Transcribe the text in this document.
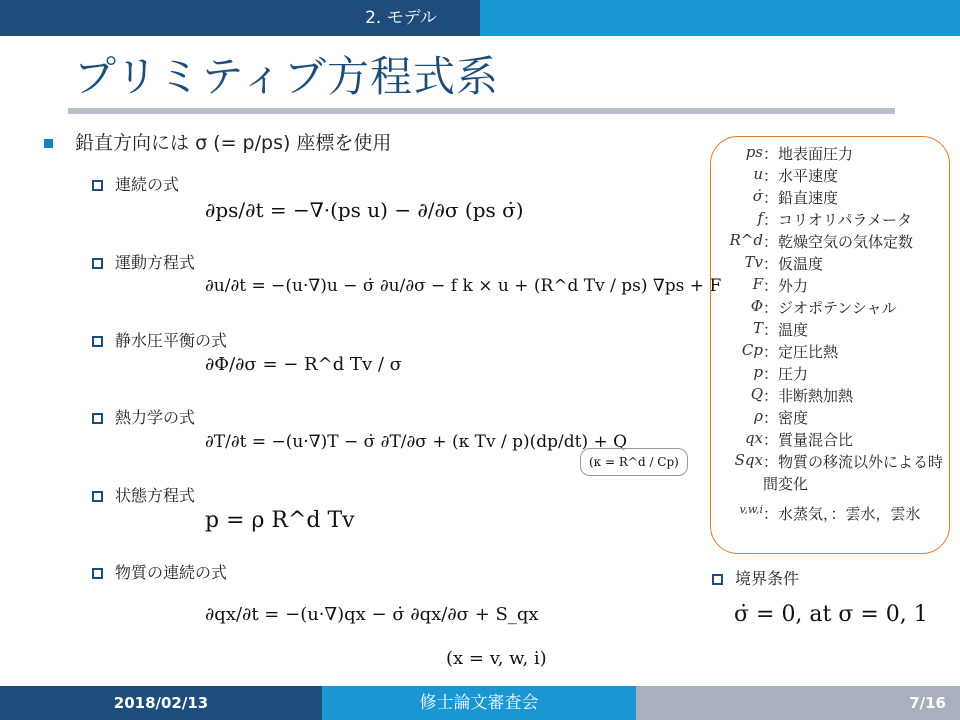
2. モデル
プリミティブ方程式系
鉛直方向には σ (= p/ps) 座標を使用
連続の式
運動方程式
静水圧平衡の式
熱力学の式
状態方程式
物質の連続の式
∂ps/∂t = −∇·(ps u) − ∂/∂σ (ps σ̇)
∂u/∂t = −(u·∇)u − σ̇ ∂u/∂σ − f k × u + (R^d Tv / ps) ∇ps + F
∂Φ/∂σ = − R^d Tv / σ
∂T/∂t = −(u·∇)T − σ̇ ∂T/∂σ + (κ Tv / p)(dp/dt) + Q
(κ = R^d / Cp)
p = ρ R^d Tv
∂qx/∂t = −(u·∇)qx − σ̇ ∂qx/∂σ + S_qx
(x = v, w, i)
ps ：地表面圧力
u ：水平速度
σ̇ ：鉛直速度
f ：コリオリパラメータ
R^d ：乾燥空気の気体定数
Tv ：仮温度
F ：外力
Φ ：ジオポテンシャル
T ：温度
Cp ：定圧比熱
p ：圧力
Q ：非断熱加熱
ρ ：密度
qx ：質量混合比
Sqx ：物質の移流以外による時間変化
v,w,i ：水蒸気，：雲水，雲氷
境界条件
σ̇ = 0, at σ = 0, 1
2018/02/13	修士論文審査会	7/16
